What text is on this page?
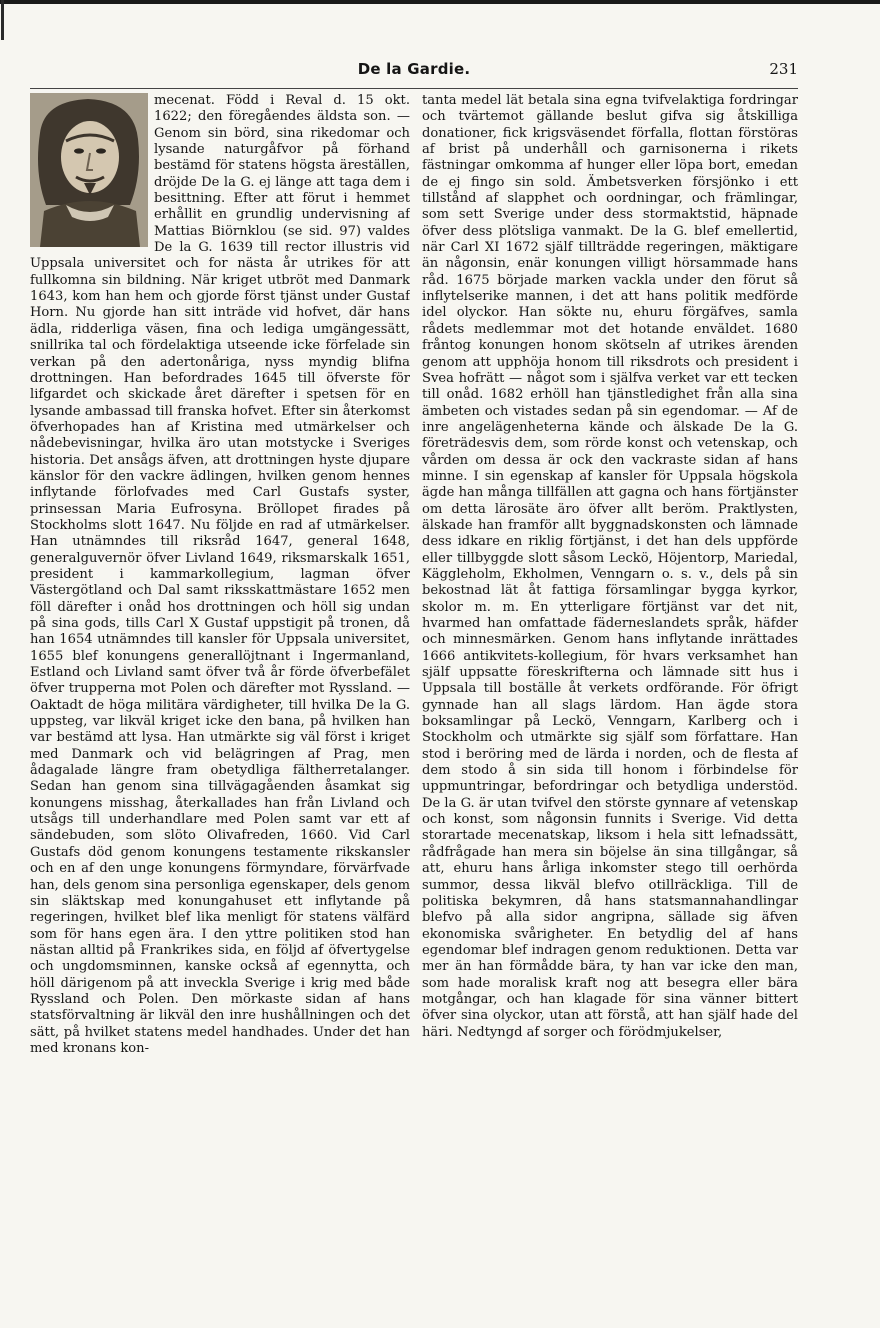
De la Gardie.	231

mecenat. Född i Reval d. 15 okt. 1622; den föregåendes äldsta son. — Genom sin börd, sina rikedomar och lysande naturgåfvor på förhand bestämd för statens högsta äreställen, dröjde De la G. ej länge att taga dem i besittning. Efter att förut i hemmet erhållit en grundlig undervisning af Mattias Biörnklou (se sid. 97) valdes De la G. 1639 till rector illustris vid Uppsala universitet och for nästa år utrikes för att fullkomna sin bildning. När kriget utbröt med Danmark 1643, kom han hem och gjorde först tjänst under Gustaf Horn. Nu gjorde han sitt inträde vid hofvet, där hans ädla, ridderliga väsen, fina och lediga umgängessätt, snillrika tal och fördelaktiga utseende icke förfelade sin verkan på den adertonåriga, nyss myndig blifna drottningen. Han befordrades 1645 till öfverste för lifgardet och skickade året därefter i spetsen för en lysande ambassad till franska hofvet. Efter sin återkomst öfverhopades han af Kristina med utmärkelser och nådebevisningar, hvilka äro utan motstycke i Sveriges historia. Det ansågs äfven, att drottningen hyste djupare känslor för den vackre ädlingen, hvilken genom hennes inflytande förlofvades med Carl Gustafs syster, prinsessan Maria Eufrosyna. Bröllopet firades på Stockholms slott 1647. Nu följde en rad af utmärkelser. Han utnämndes till riksråd 1647, general 1648, generalguvernör öfver Livland 1649, riksmarskalk 1651, president i kammarkollegium, lagman öfver Västergötland och Dal samt riksskattmästare 1652 men föll därefter i onåd hos drottningen och höll sig undan på sina gods, tills Carl X Gustaf uppstigit på tronen, då han 1654 utnämndes till kansler för Uppsala universitet, 1655 blef konungens generallöjtnant i Ingermanland, Estland och Livland samt öfver två år förde öfverbefälet öfver trupperna mot Polen och därefter mot Ryssland. — Oaktadt de höga militära värdigheter, till hvilka De la G. uppsteg, var likväl kriget icke den bana, på hvilken han var bestämd att lysa. Han utmärkte sig väl först i kriget med Danmark och vid belägringen af Prag, men ådagalade längre fram obetydliga fältherretalanger. Sedan han genom sina tillvägagåenden åsamkat sig konungens misshag, återkallades han från Livland och utsågs till underhandlare med Polen samt var ett af sändebuden, som slöto Olivafreden, 1660. Vid Carl Gustafs död genom konungens testamente rikskansler och en af den unge konungens förmyndare, förvärfvade han, dels genom sina personliga egenskaper, dels genom sin släktskap med konungahuset ett inflytande på regeringen, hvilket blef lika menligt för statens välfärd som för hans egen ära. I den yttre politiken stod han nästan alltid på Frankrikes sida, en följd af öfvertygelse och ungdomsminnen, kanske också af egennytta, och höll därigenom på att inveckla Sverige i krig med både Ryssland och Polen. Den mörkaste sidan af hans statsförvaltning är likväl den inre hushållningen och det sätt, på hvilket statens medel handhades. Under det han med kronans kon-

tanta medel lät betala sina egna tvifvelaktiga fordringar och tvärtemot gällande beslut gifva sig åtskilliga donationer, fick krigsväsendet förfalla, flottan förstöras af brist på underhåll och garnisonerna i rikets fästningar omkomma af hunger eller löpa bort, emedan de ej fingo sin sold. Ämbetsverken försjönko i ett tillstånd af slapphet och oordningar, och främlingar, som sett Sverige under dess stormaktstid, häpnade öfver dess plötsliga vanmakt. De la G. blef emellertid, när Carl XI 1672 själf tillträdde regeringen, mäktigare än någonsin, enär konungen villigt hörsammade hans råd. 1675 började marken vackla under den förut så inflytelserike mannen, i det att hans politik medförde idel olyckor. Han sökte nu, ehuru förgäfves, samla rådets medlemmar mot det hotande enväldet. 1680 fråntog konungen honom skötseln af utrikes ärenden genom att upphöja honom till riksdrots och president i Svea hofrätt — något som i själfva verket var ett tecken till onåd. 1682 erhöll han tjänstledighet från alla sina ämbeten och vistades sedan på sin egendomar. — Af de inre angelägenheterna kände och älskade De la G. företrädesvis dem, som rörde konst och vetenskap, och vården om dessa är ock den vackraste sidan af hans minne. I sin egenskap af kansler för Uppsala högskola ägde han många tillfällen att gagna och hans förtjänster om detta lärosäte äro öfver allt beröm. Praktlysten, älskade han framför allt byggnadskonsten och lämnade dess idkare en riklig förtjänst, i det han dels uppförde eller tillbyggde slott såsom Leckö, Höjentorp, Mariedal, Käggleholm, Ekholmen, Venngarn o. s. v., dels på sin bekostnad lät åt fattiga församlingar bygga kyrkor, skolor m. m. En ytterligare förtjänst var det nit, hvarmed han omfattade fäderneslandets språk, häfder och minnesmärken. Genom hans inflytande inrättades 1666 antikvitets-kollegium, för hvars verksamhet han själf uppsatte föreskrifterna och lämnade sitt hus i Uppsala till boställe åt verkets ordförande. För öfrigt gynnade han all slags lärdom. Han ägde stora boksamlingar på Leckö, Venngarn, Karlberg och i Stockholm och utmärkte sig själf som författare. Han stod i beröring med de lärda i norden, och de flesta af dem stodo å sin sida till honom i förbindelse för uppmuntringar, befordringar och betydliga understöd. De la G. är utan tvifvel den störste gynnare af vetenskap och konst, som någonsin funnits i Sverige. Vid detta storartade mecenatskap, liksom i hela sitt lefnadssätt, rådfrågade han mera sin böjelse än sina tillgångar, så att, ehuru hans årliga inkomster stego till oerhörda summor, dessa likväl blefvo otillräckliga. Till de politiska bekymren, då hans statsmannahandlingar blefvo på alla sidor angripna, sällade sig äfven ekonomiska svårigheter. En betydlig del af hans egendomar blef indragen genom reduktionen. Detta var mer än han förmådde bära, ty han var icke den man, som hade moralisk kraft nog att besegra eller bära motgångar, och han klagade för sina vänner bittert öfver sina olyckor, utan att förstå, att han själf hade del häri. Nedtyngd af sorger och förödmjukelser,
